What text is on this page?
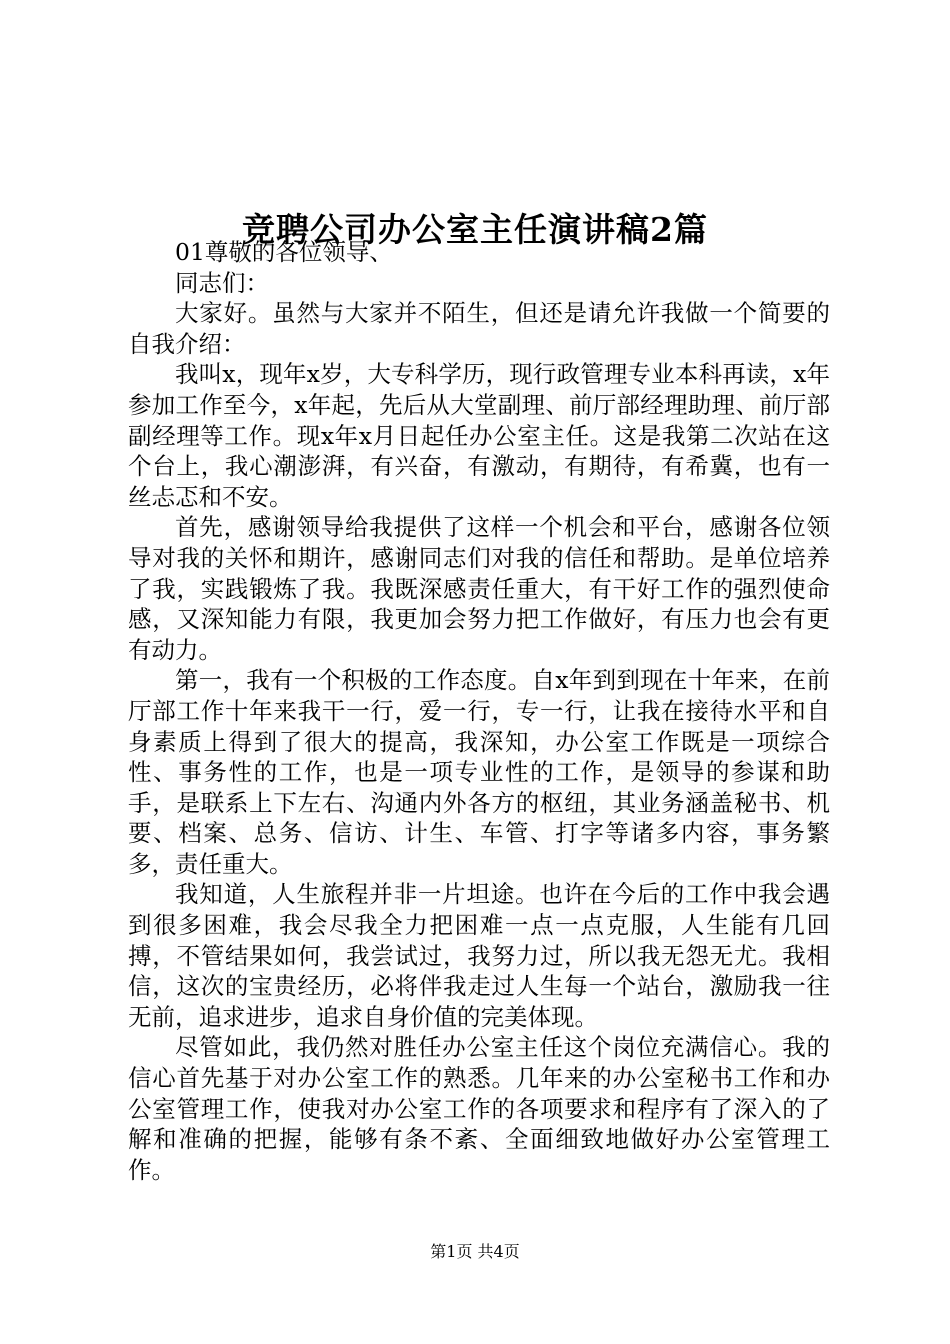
竞聘公司办公室主任演讲稿2篇

01尊敬的各位领导、

同志们：

大家好。虽然与大家并不陌生，但还是请允许我做一个简要的自我介绍：

我叫x，现年x岁，大专科学历，现行政管理专业本科再读，x年参加工作至今，x年起，先后从大堂副理、前厅部经理助理、前厅部副经理等工作。现x年x月日起任办公室主任。这是我第二次站在这个台上，我心潮澎湃，有兴奋，有激动，有期待，有希冀，也有一丝忐忑和不安。

首先，感谢领导给我提供了这样一个机会和平台，感谢各位领导对我的关怀和期许，感谢同志们对我的信任和帮助。是单位培养了我，实践锻炼了我。我既深感责任重大，有干好工作的强烈使命感，又深知能力有限，我更加会努力把工作做好，有压力也会有更有动力。

第一，我有一个积极的工作态度。自x年到到现在十年来，在前厅部工作十年来我干一行，爱一行，专一行，让我在接待水平和自身素质上得到了很大的提高，我深知，办公室工作既是一项综合性、事务性的工作，也是一项专业性的工作，是领导的参谋和助手，是联系上下左右、沟通内外各方的枢纽，其业务涵盖秘书、机要、档案、总务、信访、计生、车管、打字等诸多内容，事务繁多，责任重大。

我知道，人生旅程并非一片坦途。也许在今后的工作中我会遇到很多困难，我会尽我全力把困难一点一点克服，人生能有几回搏，不管结果如何，我尝试过，我努力过，所以我无怨无尤。我相信，这次的宝贵经历，必将伴我走过人生每一个站台，激励我一往无前，追求进步，追求自身价值的完美体现。

尽管如此，我仍然对胜任办公室主任这个岗位充满信心。我的信心首先基于对办公室工作的熟悉。几年来的办公室秘书工作和办公室管理工作，使我对办公室工作的各项要求和程序有了深入的了解和准确的把握，能够有条不紊、全面细致地做好办公室管理工作。

第1页 共4页
